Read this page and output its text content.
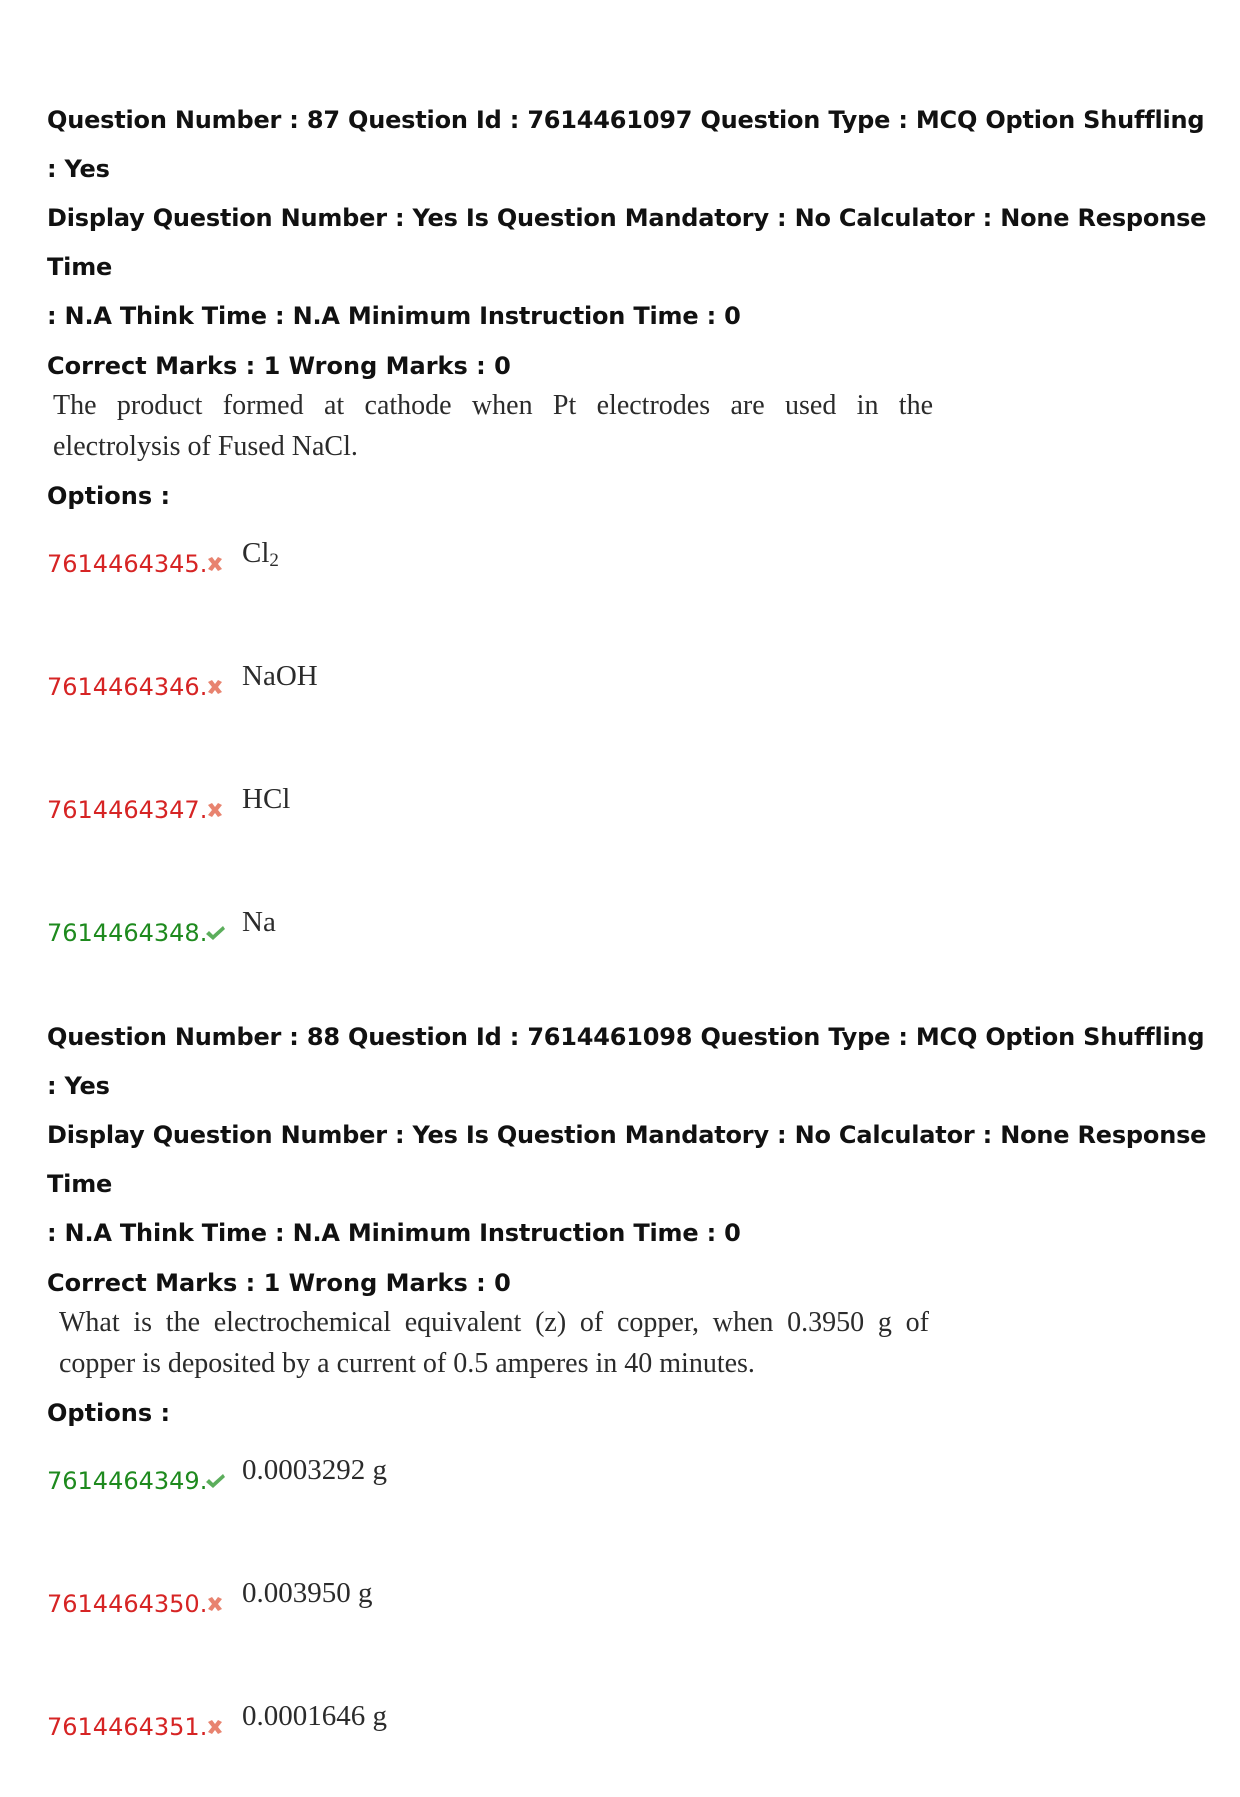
Question Number : 87 Question Id : 7614461097 Question Type : MCQ Option Shuffling : Yes
Display Question Number : Yes Is Question Mandatory : No Calculator : None Response Time
: N.A Think Time : N.A Minimum Instruction Time : 0

Correct Marks : 1 Wrong Marks : 0

The product formed at cathode when Pt electrodes are used in the
electrolysis of Fused NaCl.

Options :

7614464345. $Cl_2$
7614464346. NaOH
7614464347. HCl
7614464348. Na

Question Number : 88 Question Id : 7614461098 Question Type : MCQ Option Shuffling : Yes
Display Question Number : Yes Is Question Mandatory : No Calculator : None Response Time
: N.A Think Time : N.A Minimum Instruction Time : 0

Correct Marks : 1 Wrong Marks : 0

What is the electrochemical equivalent (z) of copper, when 0.3950 g of
copper is deposited by a current of 0.5 amperes in 40 minutes.

Options :

7614464349. 0.0003292 g
7614464350. 0.003950 g
7614464351. 0.0001646 g
